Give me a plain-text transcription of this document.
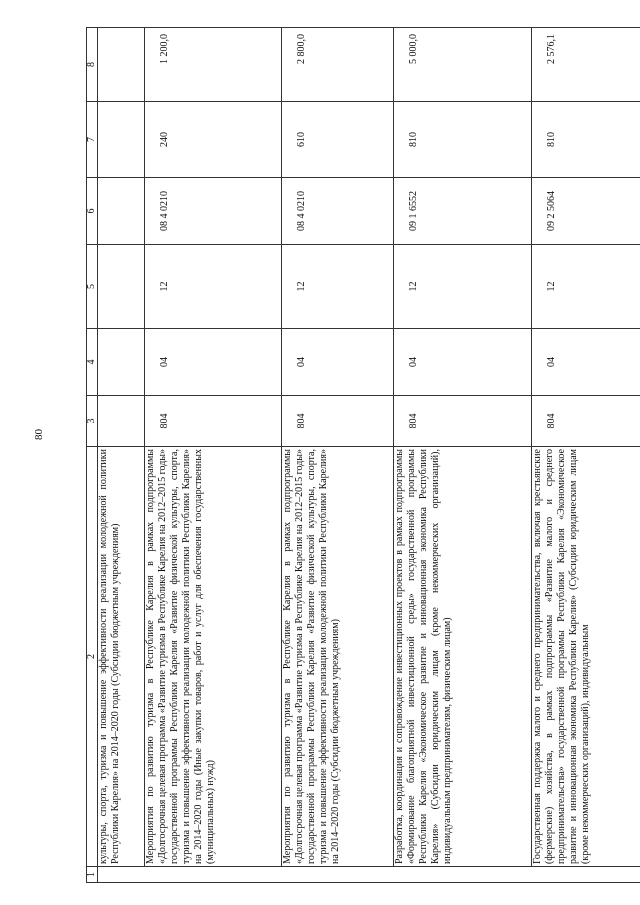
80
1	2	3	4	5	6	7	8
	культуры, спорта, туризма и повышение эффективности реализации молодежной политики Республики Карелия» на 2014–2020 годы (Субсидии бюджетным учреждениям)						
	Мероприятия по развитию туризма в Республике Карелия в рамках подпрограммы «Долгосрочная целевая программа «Развитие туризма в Республике Карелия на 2012–2015 годы» государственной программы Республики Карелия «Развитие физической культуры, спорта, туризма и повышение эффективности реализации молодежной политики Республики Карелия» на 2014–2020 годы (Иные закупки товаров, работ и услуг для обеспечения государственных (муниципальных) нужд)	804	04	12	08 4 0210	240	1 200,0
	Мероприятия по развитию туризма в Республике Карелия в рамках подпрограммы «Долгосрочная целевая программа «Развитие туризма в Республике Карелия на 2012–2015 годы» государственной программы Республики Карелия «Развитие физической культуры, спорта, туризма и повышение эффективности реализации молодежной политики Республики Карелия» на 2014–2020 годы (Субсидии бюджетным учреждениям)	804	04	12	08 4 0210	610	2 800,0
	Разработка, координация и сопровождение инвестиционных проектов в рамках подпрограммы «Формирование благоприятной инвестиционной среды» государственной программы Республики Карелия «Экономическое развитие и инновационная экономика Республики Карелия» (Субсидии юридическим лицам (кроме некоммерческих организаций), индивидуальным предпринимателям, физическим лицам)	804	04	12	09 1 6552	810	5 000,0
	Государственная поддержка малого и среднего предпринимательства, включая крестьянские (фермерские) хозяйства, в рамках подпрограммы «Развитие малого и среднего предпринимательства» государственной программы Республики Карелия «Экономическое развитие и инновационная экономика Республики Карелия» (Субсидии юридическим лицам (кроме некоммерческих организаций), индивидуальным	804	04	12	09 2 5064	810	2 576,1
